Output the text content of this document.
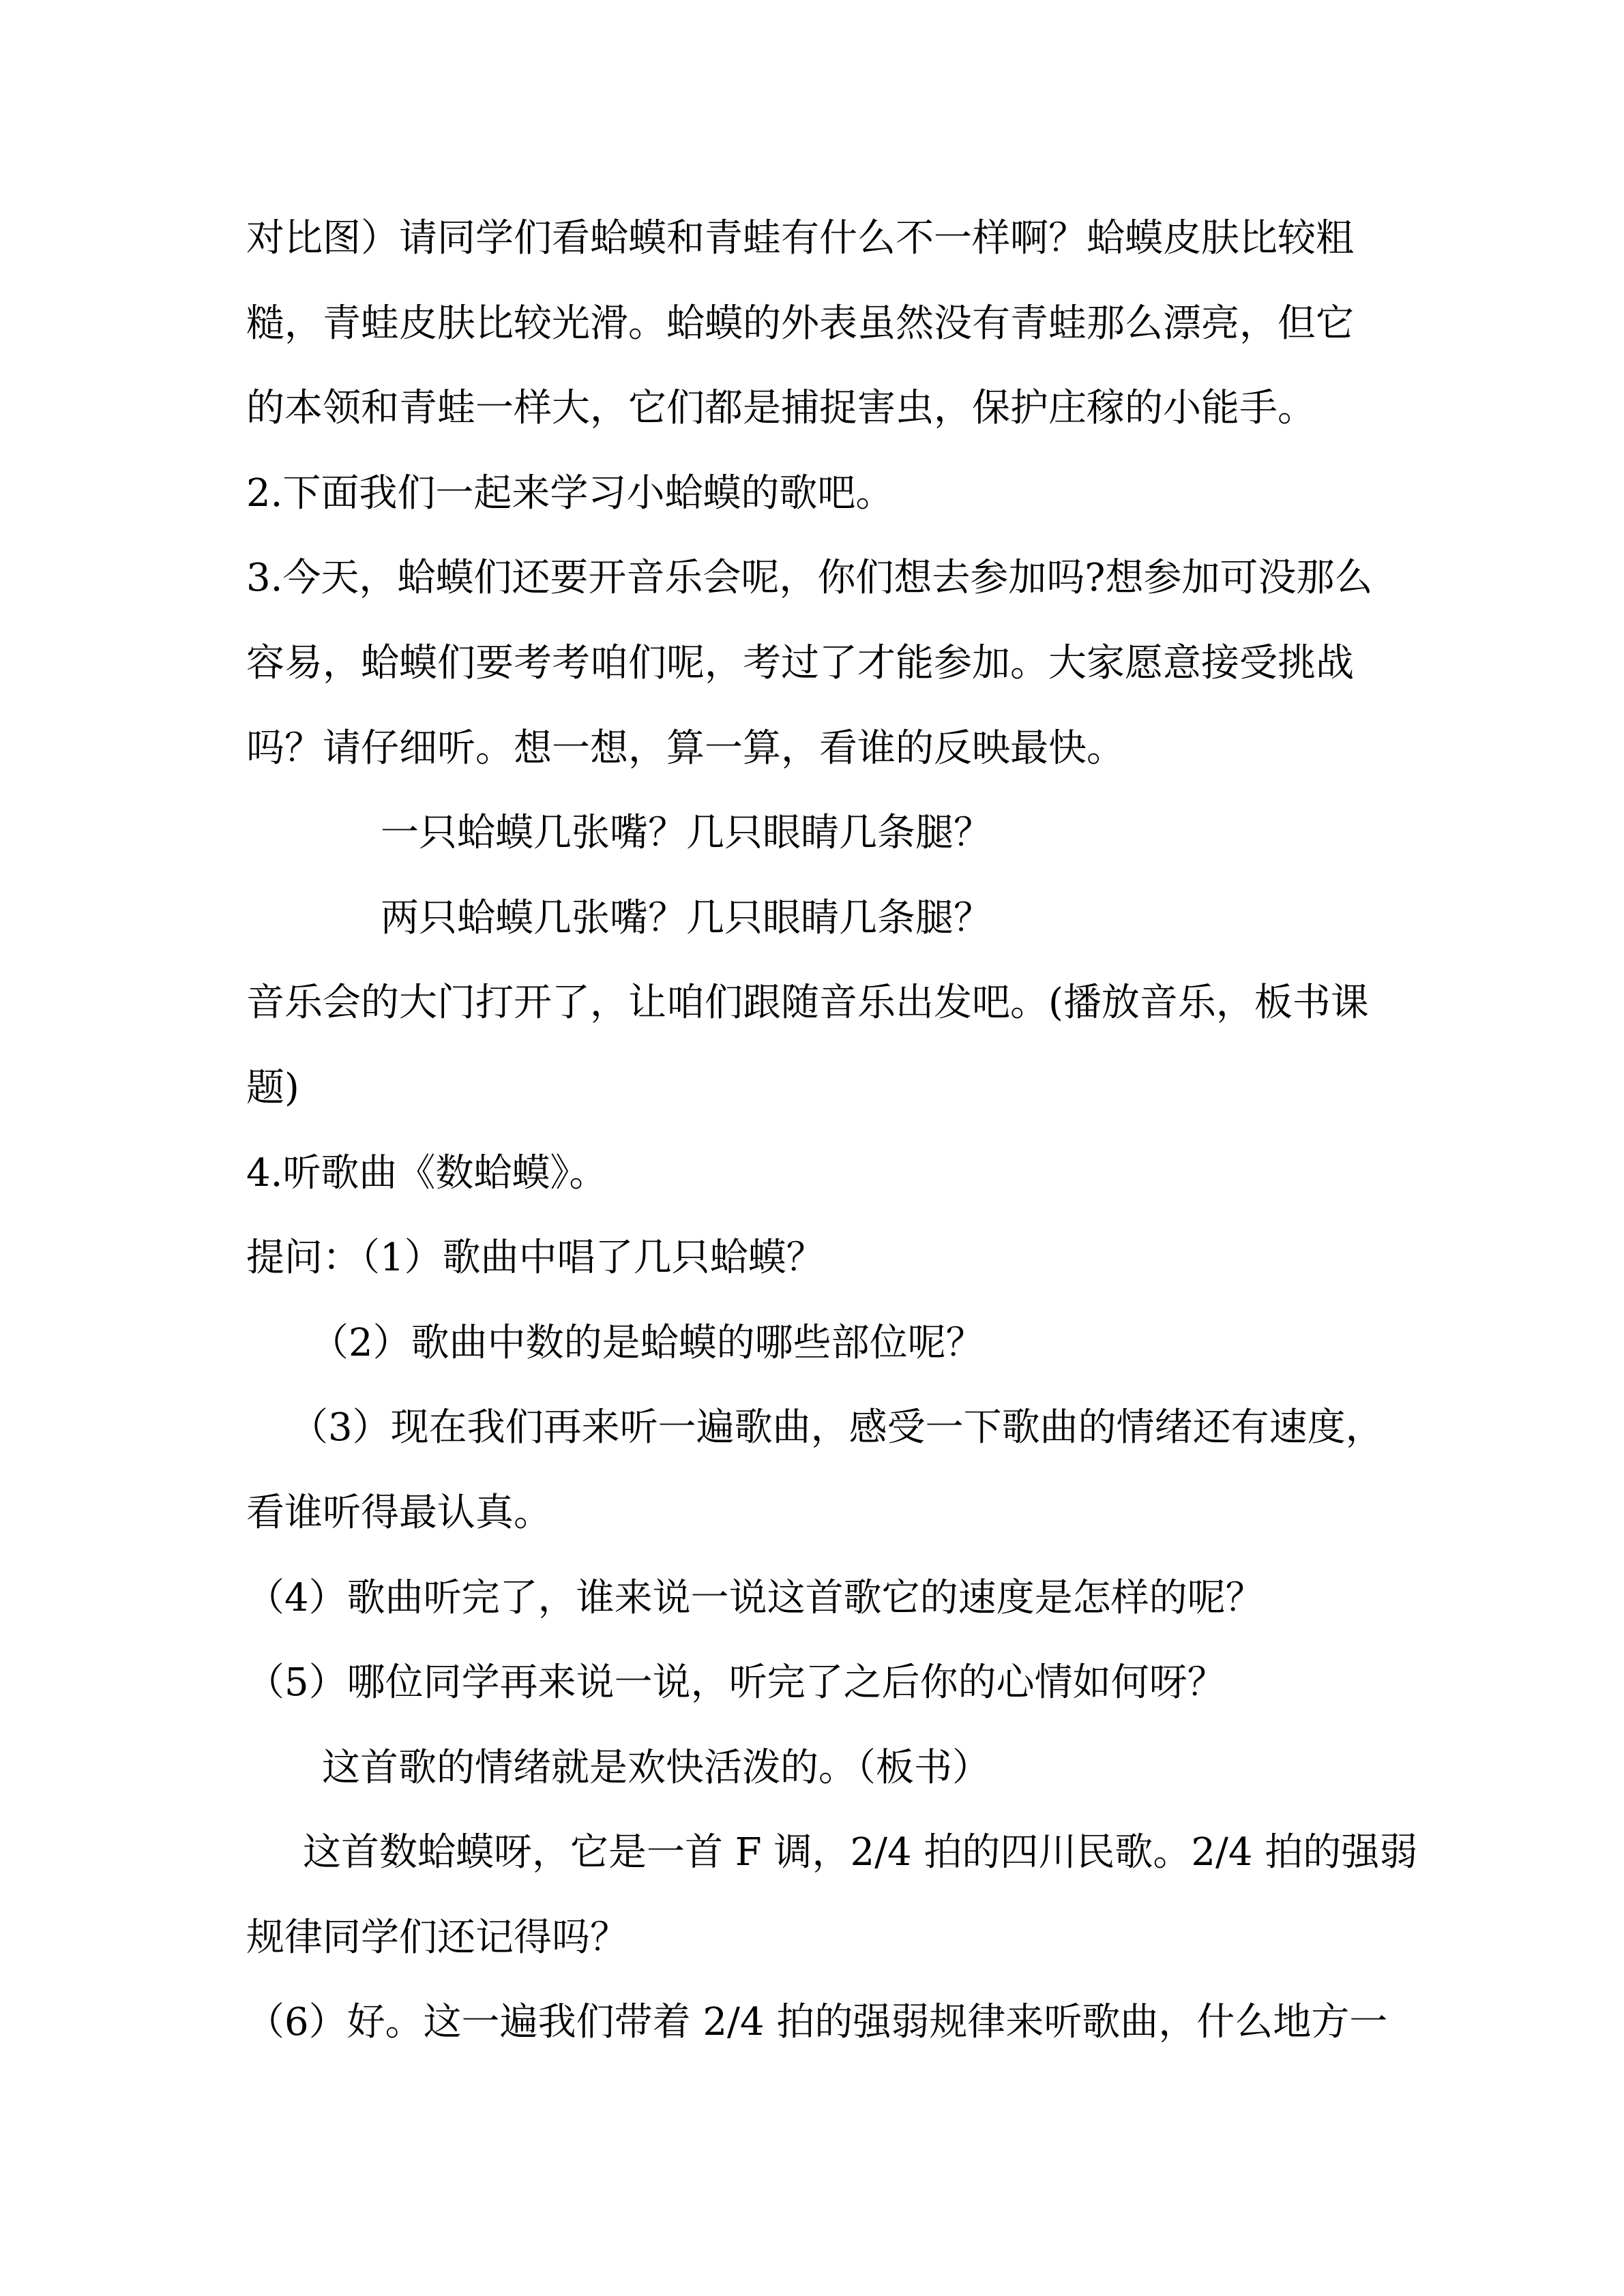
对比图）请同学们看蛤蟆和青蛙有什么不一样啊？蛤蟆皮肤比较粗
糙，青蛙皮肤比较光滑。蛤蟆的外表虽然没有青蛙那么漂亮，但它
的本领和青蛙一样大，它们都是捕捉害虫，保护庄稼的小能手。
2.下面我们一起来学习小蛤蟆的歌吧。
3.今天，蛤蟆们还要开音乐会呢，你们想去参加吗?想参加可没那么
容易，蛤蟆们要考考咱们呢，考过了才能参加。大家愿意接受挑战
吗？请仔细听。想一想，算一算，看谁的反映最快。
一只蛤蟆几张嘴？几只眼睛几条腿？
两只蛤蟆几张嘴？几只眼睛几条腿？
音乐会的大门打开了，让咱们跟随音乐出发吧。(播放音乐，板书课
题)
4.听歌曲《数蛤蟆》。
提问：（1）歌曲中唱了几只蛤蟆？
（2）歌曲中数的是蛤蟆的哪些部位呢？
（3）现在我们再来听一遍歌曲，感受一下歌曲的情绪还有速度，
看谁听得最认真。
（4）歌曲听完了，谁来说一说这首歌它的速度是怎样的呢？
（5）哪位同学再来说一说，听完了之后你的心情如何呀？
这首歌的情绪就是欢快活泼的。（板书）
这首数蛤蟆呀，它是一首 F 调，2/4 拍的四川民歌。2/4 拍的强弱
规律同学们还记得吗？
（6）好。这一遍我们带着 2/4 拍的强弱规律来听歌曲，什么地方一
